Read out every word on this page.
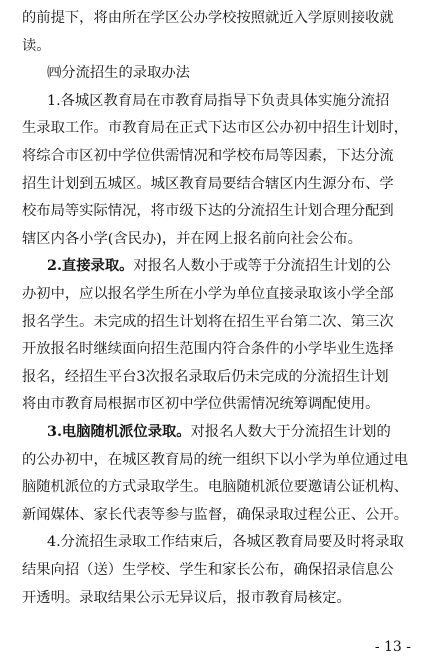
的前提下，将由所在学区公办学校按照就近入学原则接收就
读。
㈣分流招生的录取办法
1.各城区教育局在市教育局指导下负责具体实施分流招
生录取工作。市教育局在正式下达市区公办初中招生计划时，
将综合市区初中学位供需情况和学校布局等因素，下达分流
招生计划到五城区。城区教育局要结合辖区内生源分布、学
校布局等实际情况，将市级下达的分流招生计划合理分配到
辖区内各小学(含民办)，并在网上报名前向社会公布。
2.直接录取。对报名人数小于或等于分流招生计划的公
办初中，应以报名学生所在小学为单位直接录取该小学全部
报名学生。未完成的招生计划将在招生平台第二次、第三次
开放报名时继续面向招生范围内符合条件的小学毕业生选择
报名，经招生平台3次报名录取后仍未完成的分流招生计划
将由市教育局根据市区初中学位供需情况统筹调配使用。
3.电脑随机派位录取。对报名人数大于分流招生计划的
的公办初中，在城区教育局的统一组织下以小学为单位通过电
脑随机派位的方式录取学生。电脑随机派位要邀请公证机构、
新闻媒体、家长代表等参与监督，确保录取过程公正、公开。
4.分流招生录取工作结束后，各城区教育局要及时将录取
结果向招（送）生学校、学生和家长公布，确保招录信息公
开透明。录取结果公示无异议后，报市教育局核定。
- 13 -
